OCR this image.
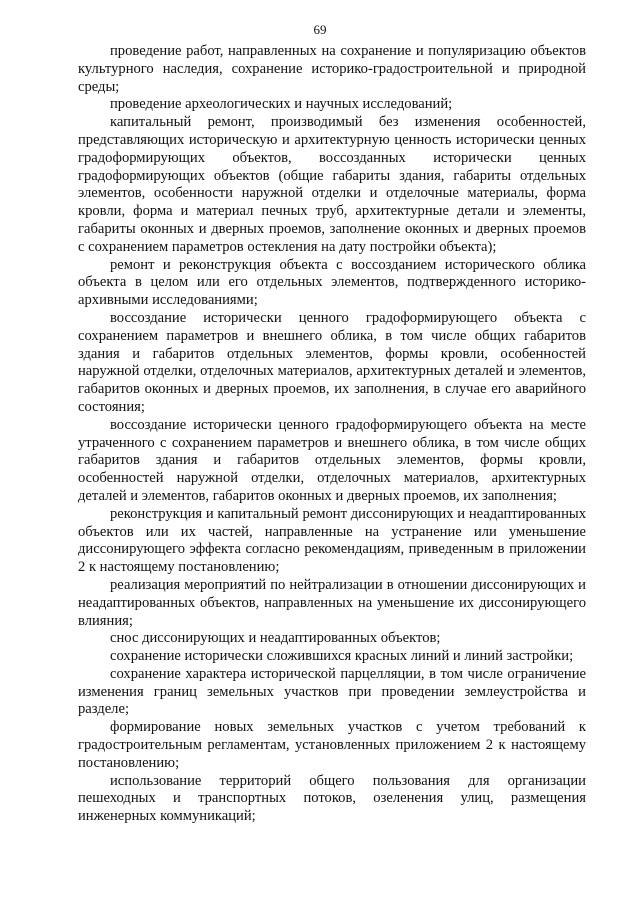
69

проведение работ, направленных на сохранение и популяризацию объектов культурного наследия, сохранение историко-градостроительной и природной среды;

проведение археологических и научных исследований;

капитальный ремонт, производимый без изменения особенностей, представляющих историческую и архитектурную ценность исторически ценных градоформирующих объектов, воссозданных исторически ценных градоформирующих объектов (общие габариты здания, габариты отдельных элементов, особенности наружной отделки и отделочные материалы, форма кровли, форма и материал печных труб, архитектурные детали и элементы, габариты оконных и дверных проемов, заполнение оконных и дверных проемов с сохранением параметров остекления на дату постройки объекта);

ремонт и реконструкция объекта с воссозданием исторического облика объекта в целом или его отдельных элементов, подтвержденного историко-архивными исследованиями;

воссоздание исторически ценного градоформирующего объекта с сохранением параметров и внешнего облика, в том числе общих габаритов здания и габаритов отдельных элементов, формы кровли, особенностей наружной отделки, отделочных материалов, архитектурных деталей и элементов, габаритов оконных и дверных проемов, их заполнения, в случае его аварийного состояния;

воссоздание исторически ценного градоформирующего объекта на месте утраченного с сохранением параметров и внешнего облика, в том числе общих габаритов здания и габаритов отдельных элементов, формы кровли, особенностей наружной отделки, отделочных материалов, архитектурных деталей и элементов, габаритов оконных и дверных проемов, их заполнения;

реконструкция и капитальный ремонт диссонирующих и неадаптированных объектов или их частей, направленные на устранение или уменьшение диссонирующего эффекта согласно рекомендациям, приведенным в приложении 2 к настоящему постановлению;

реализация мероприятий по нейтрализации в отношении диссонирующих и неадаптированных объектов, направленных на уменьшение их диссонирующего влияния;

снос диссонирующих и неадаптированных объектов;

сохранение исторически сложившихся красных линий и линий застройки;

сохранение характера исторической парцелляции, в том числе ограничение изменения границ земельных участков при проведении землеустройства и разделе;

формирование новых земельных участков с учетом требований к градостроительным регламентам, установленных приложением 2 к настоящему постановлению;

использование территорий общего пользования для организации пешеходных и транспортных потоков, озеленения улиц, размещения инженерных коммуникаций;
